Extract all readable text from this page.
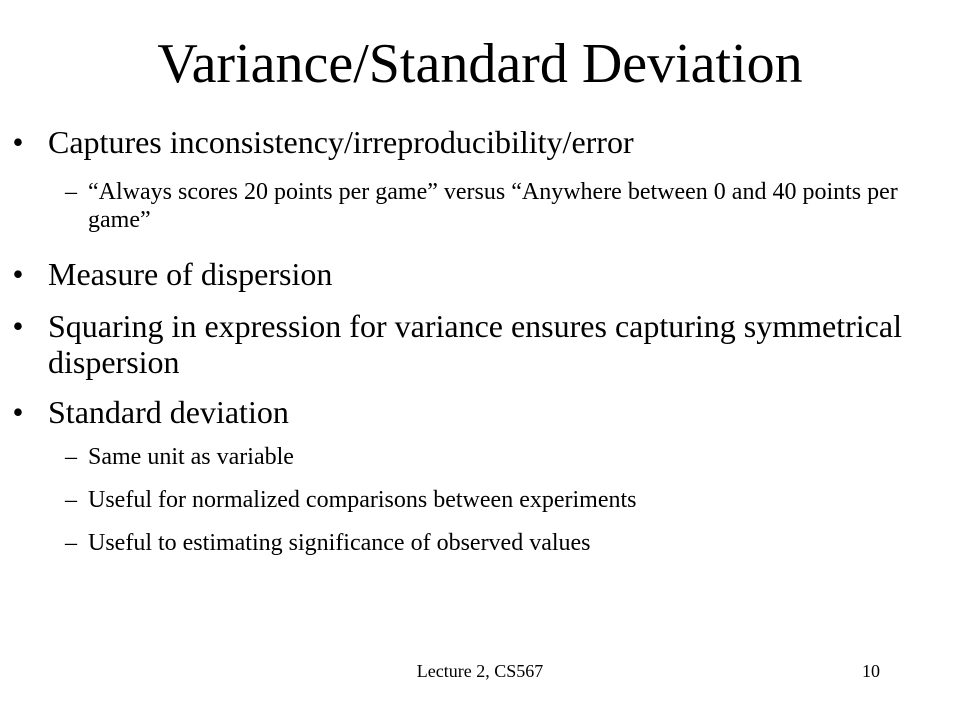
Variance/Standard Deviation
• Captures inconsistency/irreproducibility/error
– “Always scores 20 points per game” versus “Anywhere between 0 and 40 points per game”
• Measure of dispersion
• Squaring in expression for variance ensures capturing symmetrical dispersion
• Standard deviation
– Same unit as variable
– Useful for normalized comparisons between experiments
– Useful to estimating significance of observed values
Lecture 2, CS567	10
